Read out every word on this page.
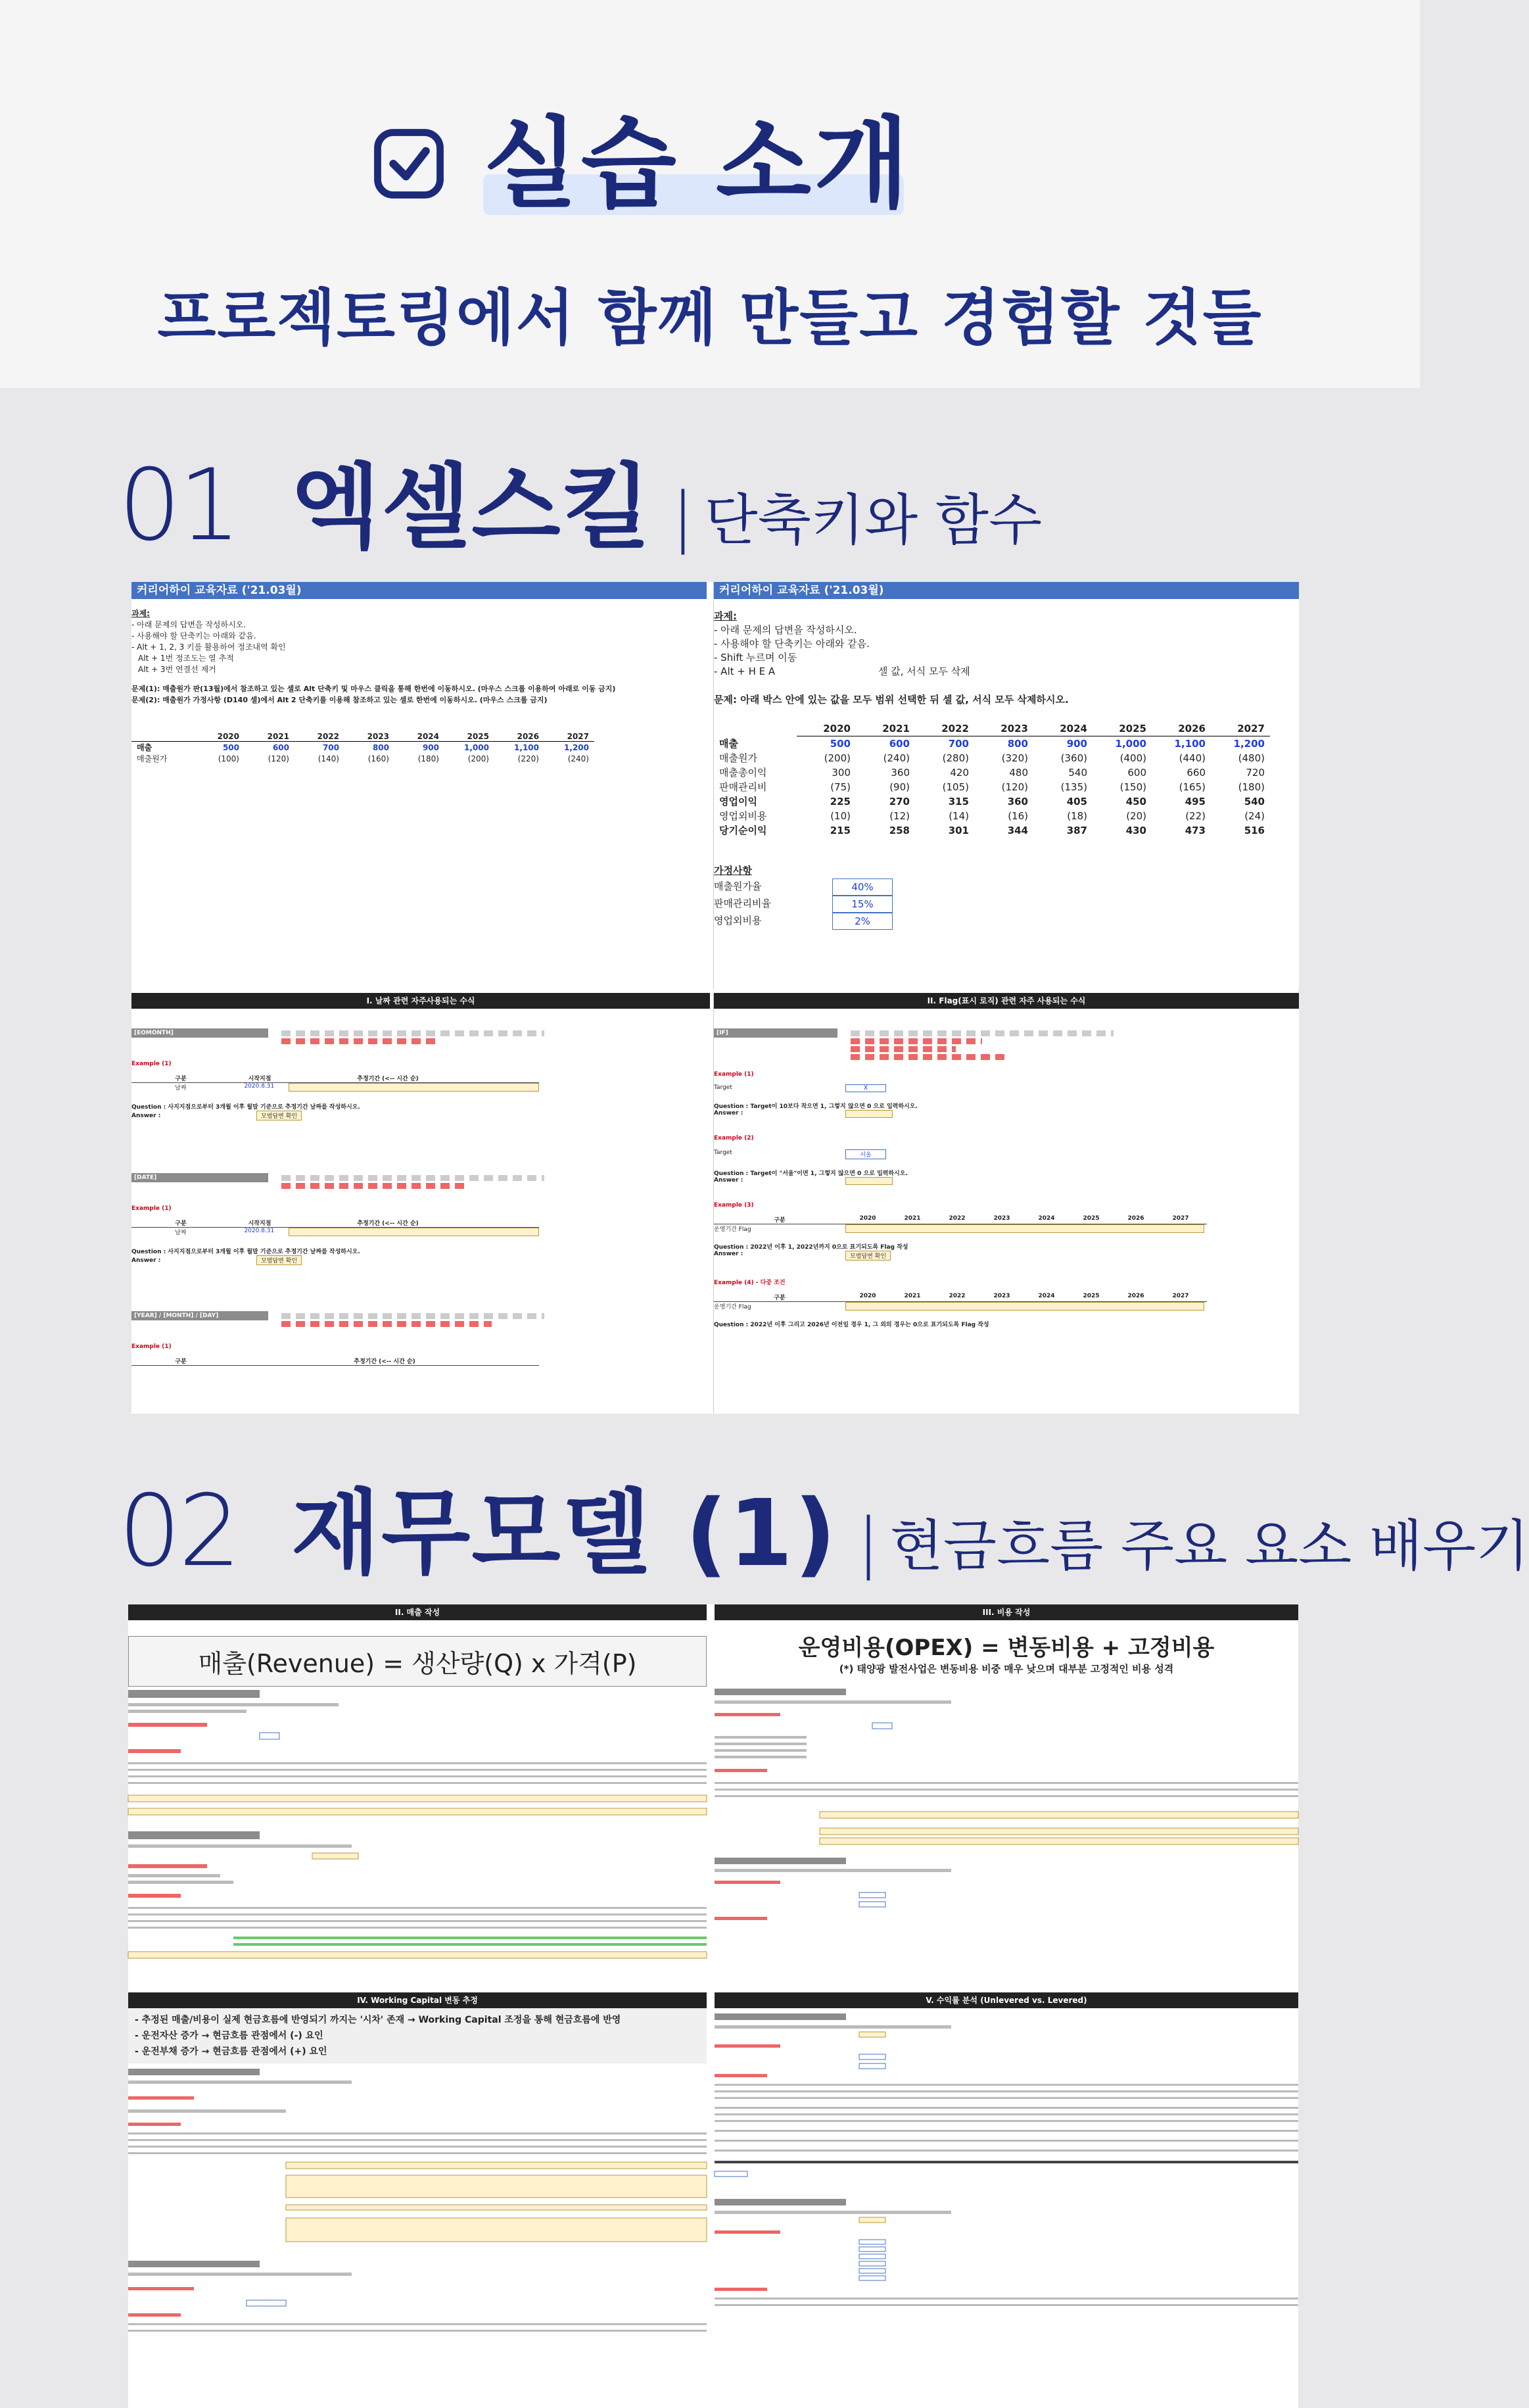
실습 소개
프로젝토링에서 함께 만들고 경험할 것들
01 엑셀스킬 | 단축키와 함수
커리어하이 교육자료 ('21.03월)
과제:
- 아래 문제의 답변을 작성하시오.
- 사용해야 할 단축키는 아래와 같음.
- Alt + 1, 2, 3 키를 활용하여 정조내역 확인
Alt + 1번 정조도는 열 추적
Alt + 3번 연결선 제거
문제(1): 매출원가 판(13월)에서 참조하고 있는 셀로 Alt 단축키 및 마우스 클릭을 통해 한번에 이동하시오. (마우스 스크롤 이용하여 아래로 이동 금지)
문제(2): 매출원가 가정사항 (D140 셀)에서 Alt 2 단축키를 이용해 참조하고 있는 셀로 한번에 이동하시오. (마우스 스크롤 금지)
	2020	2021	2022	2023	2024	2025	2026	2027
매출	500	600	700	800	900	1,000	1,100	1,200
매출원가	(100)	(120)	(140)	(160)	(180)	(200)	(220)	(240)
커리어하이 교육자료 ('21.03월)
과제:
- 아래 문제의 답변을 작성하시오.
- 사용해야 할 단축키는 아래와 같음.
- Shift 누르며 이동
- Alt + H E A	셀 값, 서식 모두 삭제
문제: 아래 박스 안에 있는 값을 모두 범위 선택한 뒤 셀 값, 서식 모두 삭제하시오.
	2020	2021	2022	2023	2024	2025	2026	2027
매출	500	600	700	800	900	1,000	1,100	1,200
매출원가	(200)	(240)	(280)	(320)	(360)	(400)	(440)	(480)
매출총이익	300	360	420	480	540	600	660	720
판매관리비	(75)	(90)	(105)	(120)	(135)	(150)	(165)	(180)
영업이익	225	270	315	360	405	450	495	540
영업외비용	(10)	(12)	(14)	(16)	(18)	(20)	(22)	(24)
당기순이익	215	258	301	344	387	430	473	516
가정사항
매출원가율	40%
판매관리비율	15%
영업외비용	2%
I. 날짜 관련 자주사용되는 수식
[EOMONTH]
Example (1)
구분	시작지점	추정기간 (<-- 시간 순)
날짜	2020.8.31
Question : 사지지점으로부터 3개월 이후 월말 기준으로 추정기간 날짜를 작성하시오.
Answer :	모범답변 확인
[DATE]
Example (1)
구분	시작지점	추정기간 (<-- 시간 순)
날짜	2020.8.31
Question : 사지지점으로부터 3개월 이후 월말 기준으로 추정기간 날짜를 작성하시오.
Answer :	모범답변 확인
[YEAR] / [MONTH] / [DAY]
Example (1)
구분	추정기간 (<-- 시간 순)
II. Flag(표시 로직) 관련 자주 사용되는 수식
[IF]
Example (1)
Target	X
Question : Target이 10보다 작으면 1, 그렇지 않으면 0 으로 입력하시오.
Answer :
Example (2)
Target	서울
Question : Target이 "서울"이면 1, 그렇지 않으면 0 으로 입력하시오.
Answer :
Example (3)
구분	2020	2021	2022	2023	2024	2025	2026	2027
운영기간 Flag
Question : 2022년 이후 1, 2022년까지 0으로 표기되도록 Flag 작성
Answer :	모범답변 확인
Example (4) - 다중 조건
구분	2020	2021	2022	2023	2024	2025	2026	2027
운영기간 Flag
Question : 2022년 이후 그리고 2026년 이전일 경우 1, 그 외의 경우는 0으로 표기되도록 Flag 작성
02 재무모델 (1) | 현금흐름 주요 요소 배우기
II. 매출 작성
매출(Revenue) = 생산량(Q) x 가격(P)
III. 비용 작성
운영비용(OPEX) = 변동비용 + 고정비용
(*) 태양광 발전사업은 변동비용 비중 매우 낮으며 대부분 고정적인 비용 성격
IV. Working Capital 변동 추정
- 추정된 매출/비용이 실제 현금흐름에 반영되기 까지는 '시차' 존재 → Working Capital 조정을 통해 현금흐름에 반영
- 운전자산 증가 → 현금흐름 관점에서 (-) 요인
- 운전부채 증가 → 현금흐름 관점에서 (+) 요인
V. 수익률 분석 (Unlevered vs. Levered)
